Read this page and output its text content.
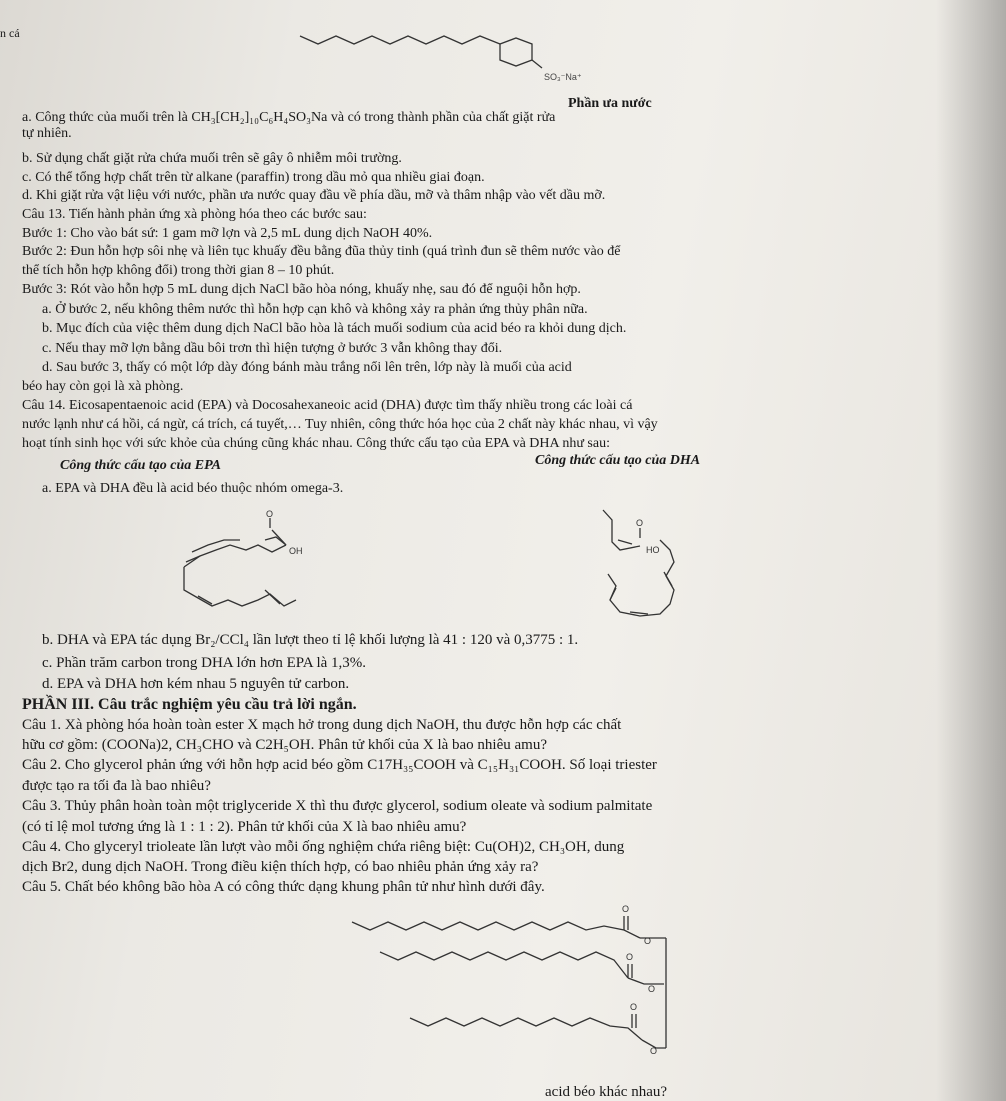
n cá
SO₃⁻Na⁺
Phần ưa nước
a. Công thức của muối trên là CH₃[CH₂]₁₀C₆H₄SO₃Na và có trong thành phần của chất giặt rửa
tự nhiên.
b. Sử dụng chất giặt rửa chứa muối trên sẽ gây ô nhiễm môi trường.
c. Có thể tổng hợp chất trên từ alkane (paraffin) trong dầu mỏ qua nhiều giai đoạn.
d. Khi giặt rửa vật liệu với nước, phần ưa nước quay đầu về phía dầu, mỡ và thâm nhập vào vết dầu mỡ.
Câu 13. Tiến hành phản ứng xà phòng hóa theo các bước sau:
Bước 1: Cho vào bát sứ: 1 gam mỡ lợn và 2,5 mL dung dịch NaOH 40%.
Bước 2: Đun hỗn hợp sôi nhẹ và liên tục khuấy đều bằng đũa thủy tinh (quá trình đun sẽ thêm nước vào để
thể tích hỗn hợp không đổi) trong thời gian 8 – 10 phút.
Bước 3: Rót vào hỗn hợp 5 mL dung dịch NaCl bão hòa nóng, khuấy nhẹ, sau đó để nguội hỗn hợp.
a. Ở bước 2, nếu không thêm nước thì hỗn hợp cạn khô và không xảy ra phản ứng thủy phân nữa.
b. Mục đích của việc thêm dung dịch NaCl bão hòa là tách muối sodium của acid béo ra khỏi dung dịch.
c. Nếu thay mỡ lợn bằng dầu bôi trơn thì hiện tượng ở bước 3 vẫn không thay đổi.
d. Sau bước 3, thấy có một lớp dày đóng bánh màu trắng nổi lên trên, lớp này là muối của acid
béo hay còn gọi là xà phòng.
Câu 14. Eicosapentaenoic acid (EPA) và Docosahexaneoic acid (DHA) được tìm thấy nhiều trong các loài cá
nước lạnh như cá hồi, cá ngừ, cá trích, cá tuyết,… Tuy nhiên, công thức hóa học của 2 chất này khác nhau, vì vậy
hoạt tính sinh học với sức khỏe của chúng cũng khác nhau. Công thức cấu tạo của EPA và DHA như sau:
Công thức cấu tạo của EPA	Công thức cấu tạo của DHA
a. EPA và DHA đều là acid béo thuộc nhóm omega-3.
O
OH	HO
O
b. DHA và EPA tác dụng Br₂/CCl₄ lần lượt theo tỉ lệ khối lượng là 41 : 120 và 0,3775 : 1.
c. Phần trăm carbon trong DHA lớn hơn EPA là 1,3%.
d. EPA và DHA hơn kém nhau 5 nguyên tử carbon.
PHẦN III. Câu trắc nghiệm yêu cầu trả lời ngắn.
Câu 1. Xà phòng hóa hoàn toàn ester X mạch hở trong dung dịch NaOH, thu được hỗn hợp các chất
hữu cơ gồm: (COONa)2, CH₃CHO và C2H₅OH. Phân tử khối của X là bao nhiêu amu?
Câu 2. Cho glycerol phản ứng với hỗn hợp acid béo gồm C17H₃₅COOH và C₁₅H₃₁COOH. Số loại triester
được tạo ra tối đa là bao nhiêu?
Câu 3. Thủy phân hoàn toàn một triglyceride X thì thu được glycerol, sodium oleate và sodium palmitate
(có tỉ lệ mol tương ứng là 1 : 1 : 2). Phân tử khối của X là bao nhiêu amu?
Câu 4. Cho glyceryl trioleate lần lượt vào mỗi ống nghiệm chứa riêng biệt: Cu(OH)2, CH₃OH, dung
dịch Br2, dung dịch NaOH. Trong điều kiện thích hợp, có bao nhiêu phản ứng xảy ra?
Câu 5. Chất béo không bão hòa A có công thức dạng khung phân tử như hình dưới đây.
O
O
O
O
O
O
acid béo khác nhau?
